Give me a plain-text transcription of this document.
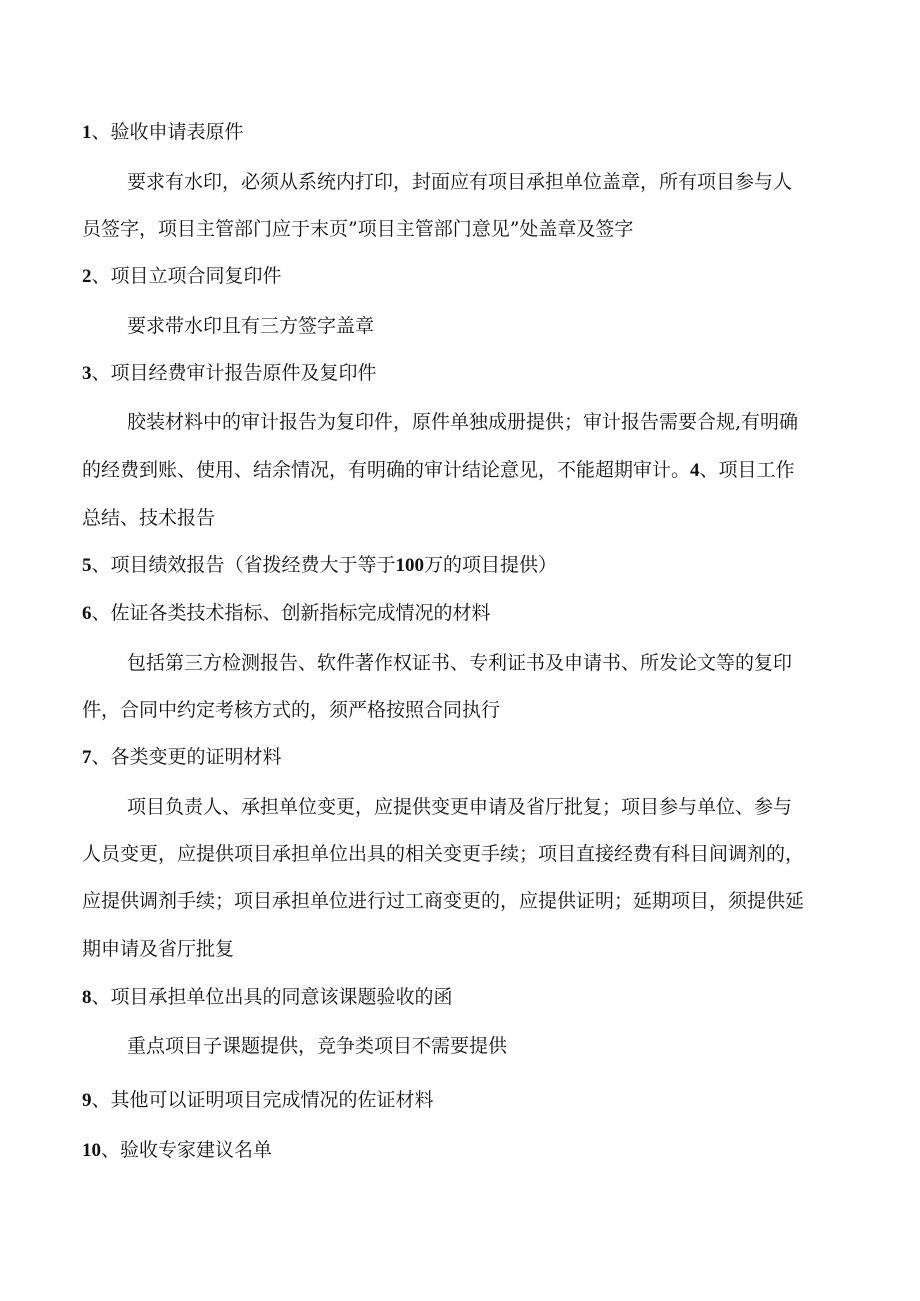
1、验收申请表原件
要求有水印，必须从系统内打印，封面应有项目承担单位盖章，所有项目参与人
员签字，项目主管部门应于末页”项目主管部门意见”处盖章及签字
2、项目立项合同复印件
要求带水印且有三方签字盖章
3、项目经费审计报告原件及复印件
胶装材料中的审计报告为复印件，原件单独成册提供；审计报告需要合规,有明确
的经费到账、使用、结余情况，有明确的审计结论意见，不能超期审计。4、项目工作
总结、技术报告
5、项目绩效报告（省拨经费大于等于100万的项目提供）
6、佐证各类技术指标、创新指标完成情况的材料
包括第三方检测报告、软件著作权证书、专利证书及申请书、所发论文等的复印
件，合同中约定考核方式的，须严格按照合同执行
7、各类变更的证明材料
项目负责人、承担单位变更，应提供变更申请及省厅批复；项目参与单位、参与
人员变更，应提供项目承担单位出具的相关变更手续；项目直接经费有科目间调剂的，
应提供调剂手续；项目承担单位进行过工商变更的，应提供证明；延期项目，须提供延
期申请及省厅批复
8、项目承担单位出具的同意该课题验收的函
重点项目子课题提供，竞争类项目不需要提供
9、其他可以证明项目完成情况的佐证材料
10、验收专家建议名单
